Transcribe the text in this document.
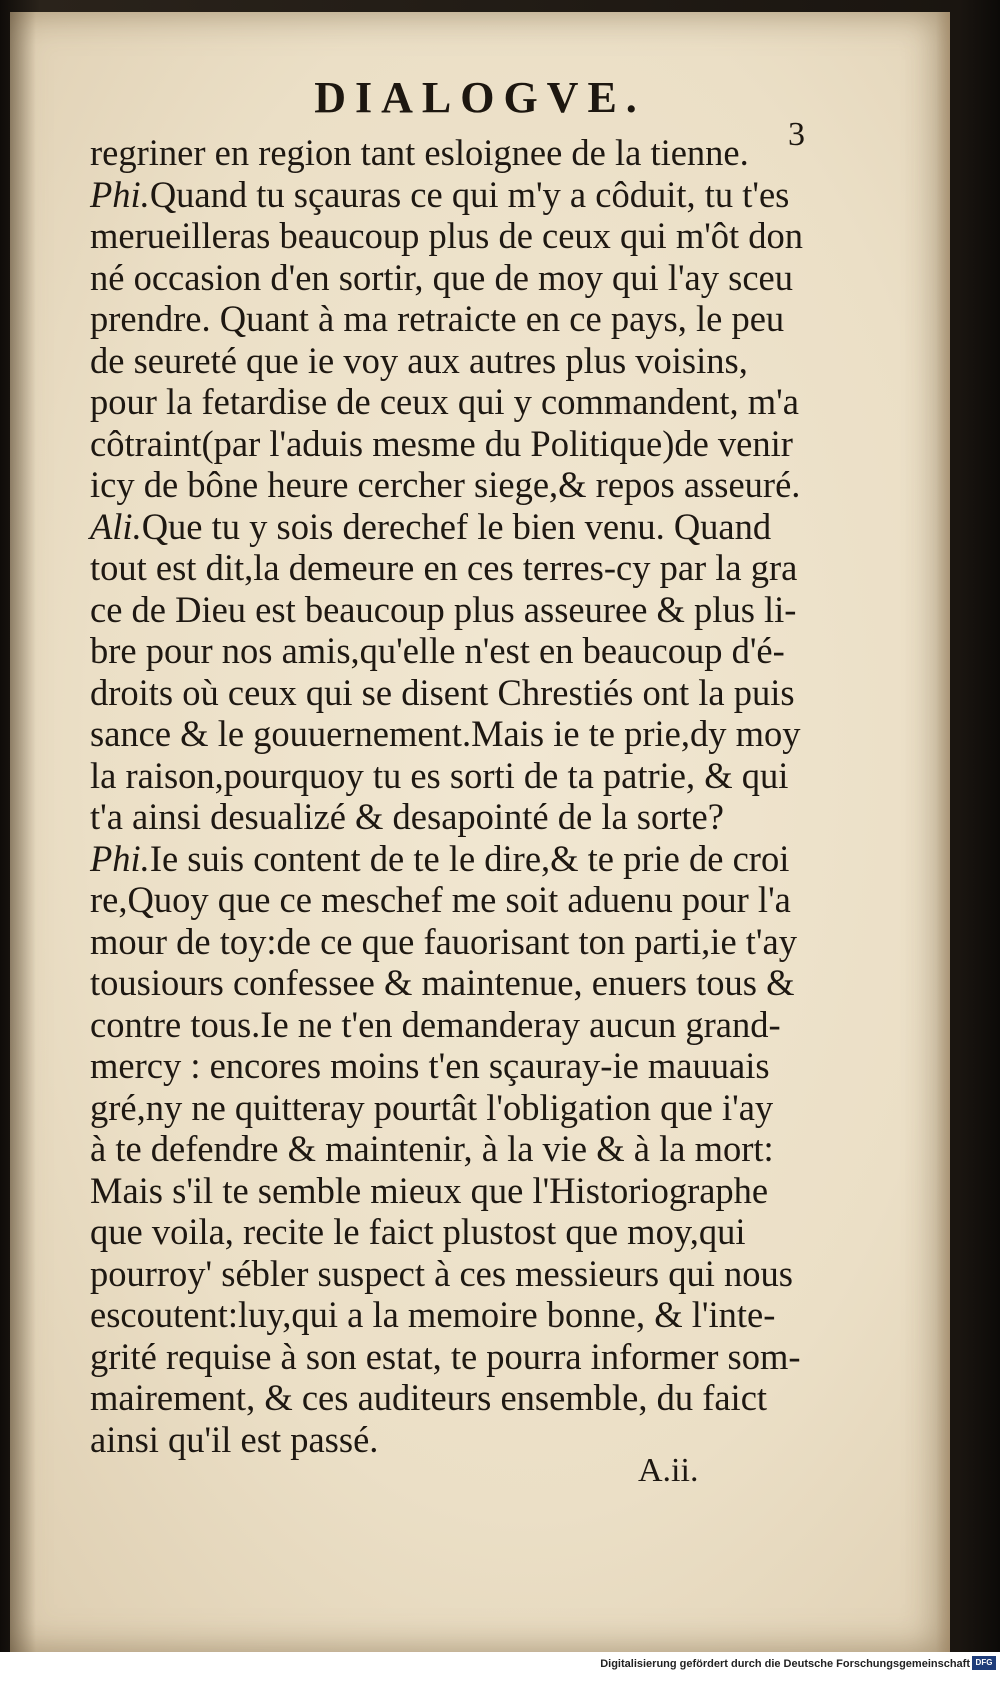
DIALOGVE.
3
regriner en region tant esloignee de la tienne.
Phi.Quand tu sçauras ce qui m'y a côduit, tu t'es
merueilleras beaucoup plus de ceux qui m'ôt don
né occasion d'en sortir, que de moy qui l'ay sceu
prendre. Quant à ma retraicte en ce pays, le peu
de seureté que ie voy aux autres plus voisins,
pour la fetardise de ceux qui y commandent, m'a
côtraint(par l'aduis mesme du Politique)de venir
icy de bône heure cercher siege,& repos asseuré.
Ali.Que tu y sois derechef le bien venu. Quand
tout est dit,la demeure en ces terres-cy par la gra
ce de Dieu est beaucoup plus asseuree & plus li-
bre pour nos amis,qu'elle n'est en beaucoup d'é-
droits où ceux qui se disent Chrestiés ont la puis
sance & le gouuernement.Mais ie te prie,dy moy
la raison,pourquoy tu es sorti de ta patrie, & qui
t'a ainsi desualizé & desapointé de la sorte?
Phi.Ie suis content de te le dire,& te prie de croi
re,Quoy que ce meschef me soit aduenu pour l'a
mour de toy:de ce que fauorisant ton parti,ie t'ay
tousiours confessee & maintenue, enuers tous &
contre tous.Ie ne t'en demanderay aucun grand-
mercy : encores moins t'en sçauray-ie mauuais
gré,ny ne quitteray pourtât l'obligation que i'ay
à te defendre & maintenir, à la vie & à la mort:
Mais s'il te semble mieux que l'Historiographe
que voila, recite le faict plustost que moy,qui
pourroy' sébler suspect à ces messieurs qui nous
escoutent:luy,qui a la memoire bonne, & l'inte-
grité requise à son estat, te pourra informer som-
mairement, & ces auditeurs ensemble, du faict
ainsi qu'il est passé.
A.ii.
Digitalisierung gefördert durch die Deutsche Forschungsgemeinschaft DFG
